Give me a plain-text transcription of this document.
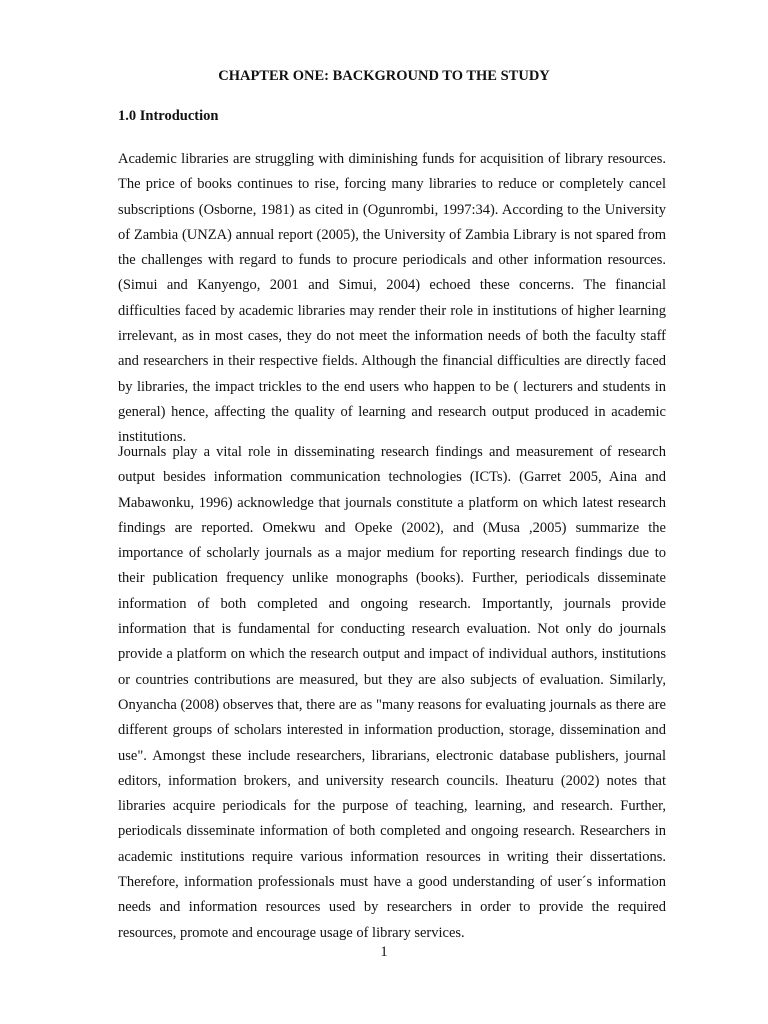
CHAPTER ONE: BACKGROUND TO THE STUDY
1.0 Introduction

Academic libraries are struggling with diminishing funds for acquisition of library resources. The price of books continues to rise, forcing many libraries to reduce or completely cancel subscriptions (Osborne, 1981) as cited in (Ogunrombi, 1997:34). According to the University of Zambia (UNZA) annual report (2005), the University of Zambia Library is not spared from the challenges with regard to funds to procure periodicals and other information resources. (Simui and Kanyengo, 2001 and Simui, 2004) echoed these concerns. The financial difficulties faced by academic libraries may render their role in institutions of higher learning irrelevant, as in most cases, they do not meet the information needs of both the faculty staff and researchers in their respective fields. Although the financial difficulties are directly faced by libraries, the impact trickles to the end users who happen to be ( lecturers and students in general) hence, affecting the quality of learning and research output produced in academic institutions.

Journals play a vital role in disseminating research findings and measurement of research output besides information communication technologies (ICTs). (Garret 2005, Aina and Mabawonku, 1996) acknowledge that journals constitute a platform on which latest research findings are reported. Omekwu and Opeke (2002), and (Musa ,2005) summarize the importance of scholarly journals as a major medium for reporting research findings due to their publication frequency unlike monographs (books). Further, periodicals disseminate information of both completed and ongoing research. Importantly, journals provide information that is fundamental for conducting research evaluation. Not only do journals provide a platform on which the research output and impact of individual authors, institutions or countries contributions are measured, but they are also subjects of evaluation. Similarly, Onyancha (2008) observes that, there are as "many reasons for evaluating journals as there are different groups of scholars interested in information production, storage, dissemination and use". Amongst these include researchers, librarians, electronic database publishers, journal editors, information brokers, and university research councils. Iheaturu (2002) notes that libraries acquire periodicals for the purpose of teaching, learning, and research. Further, periodicals disseminate information of both completed and ongoing research. Researchers in academic institutions require various information resources in writing their dissertations. Therefore, information professionals must have a good understanding of user´s information needs and information resources used by researchers in order to provide the required resources, promote and encourage usage of library services.

1
